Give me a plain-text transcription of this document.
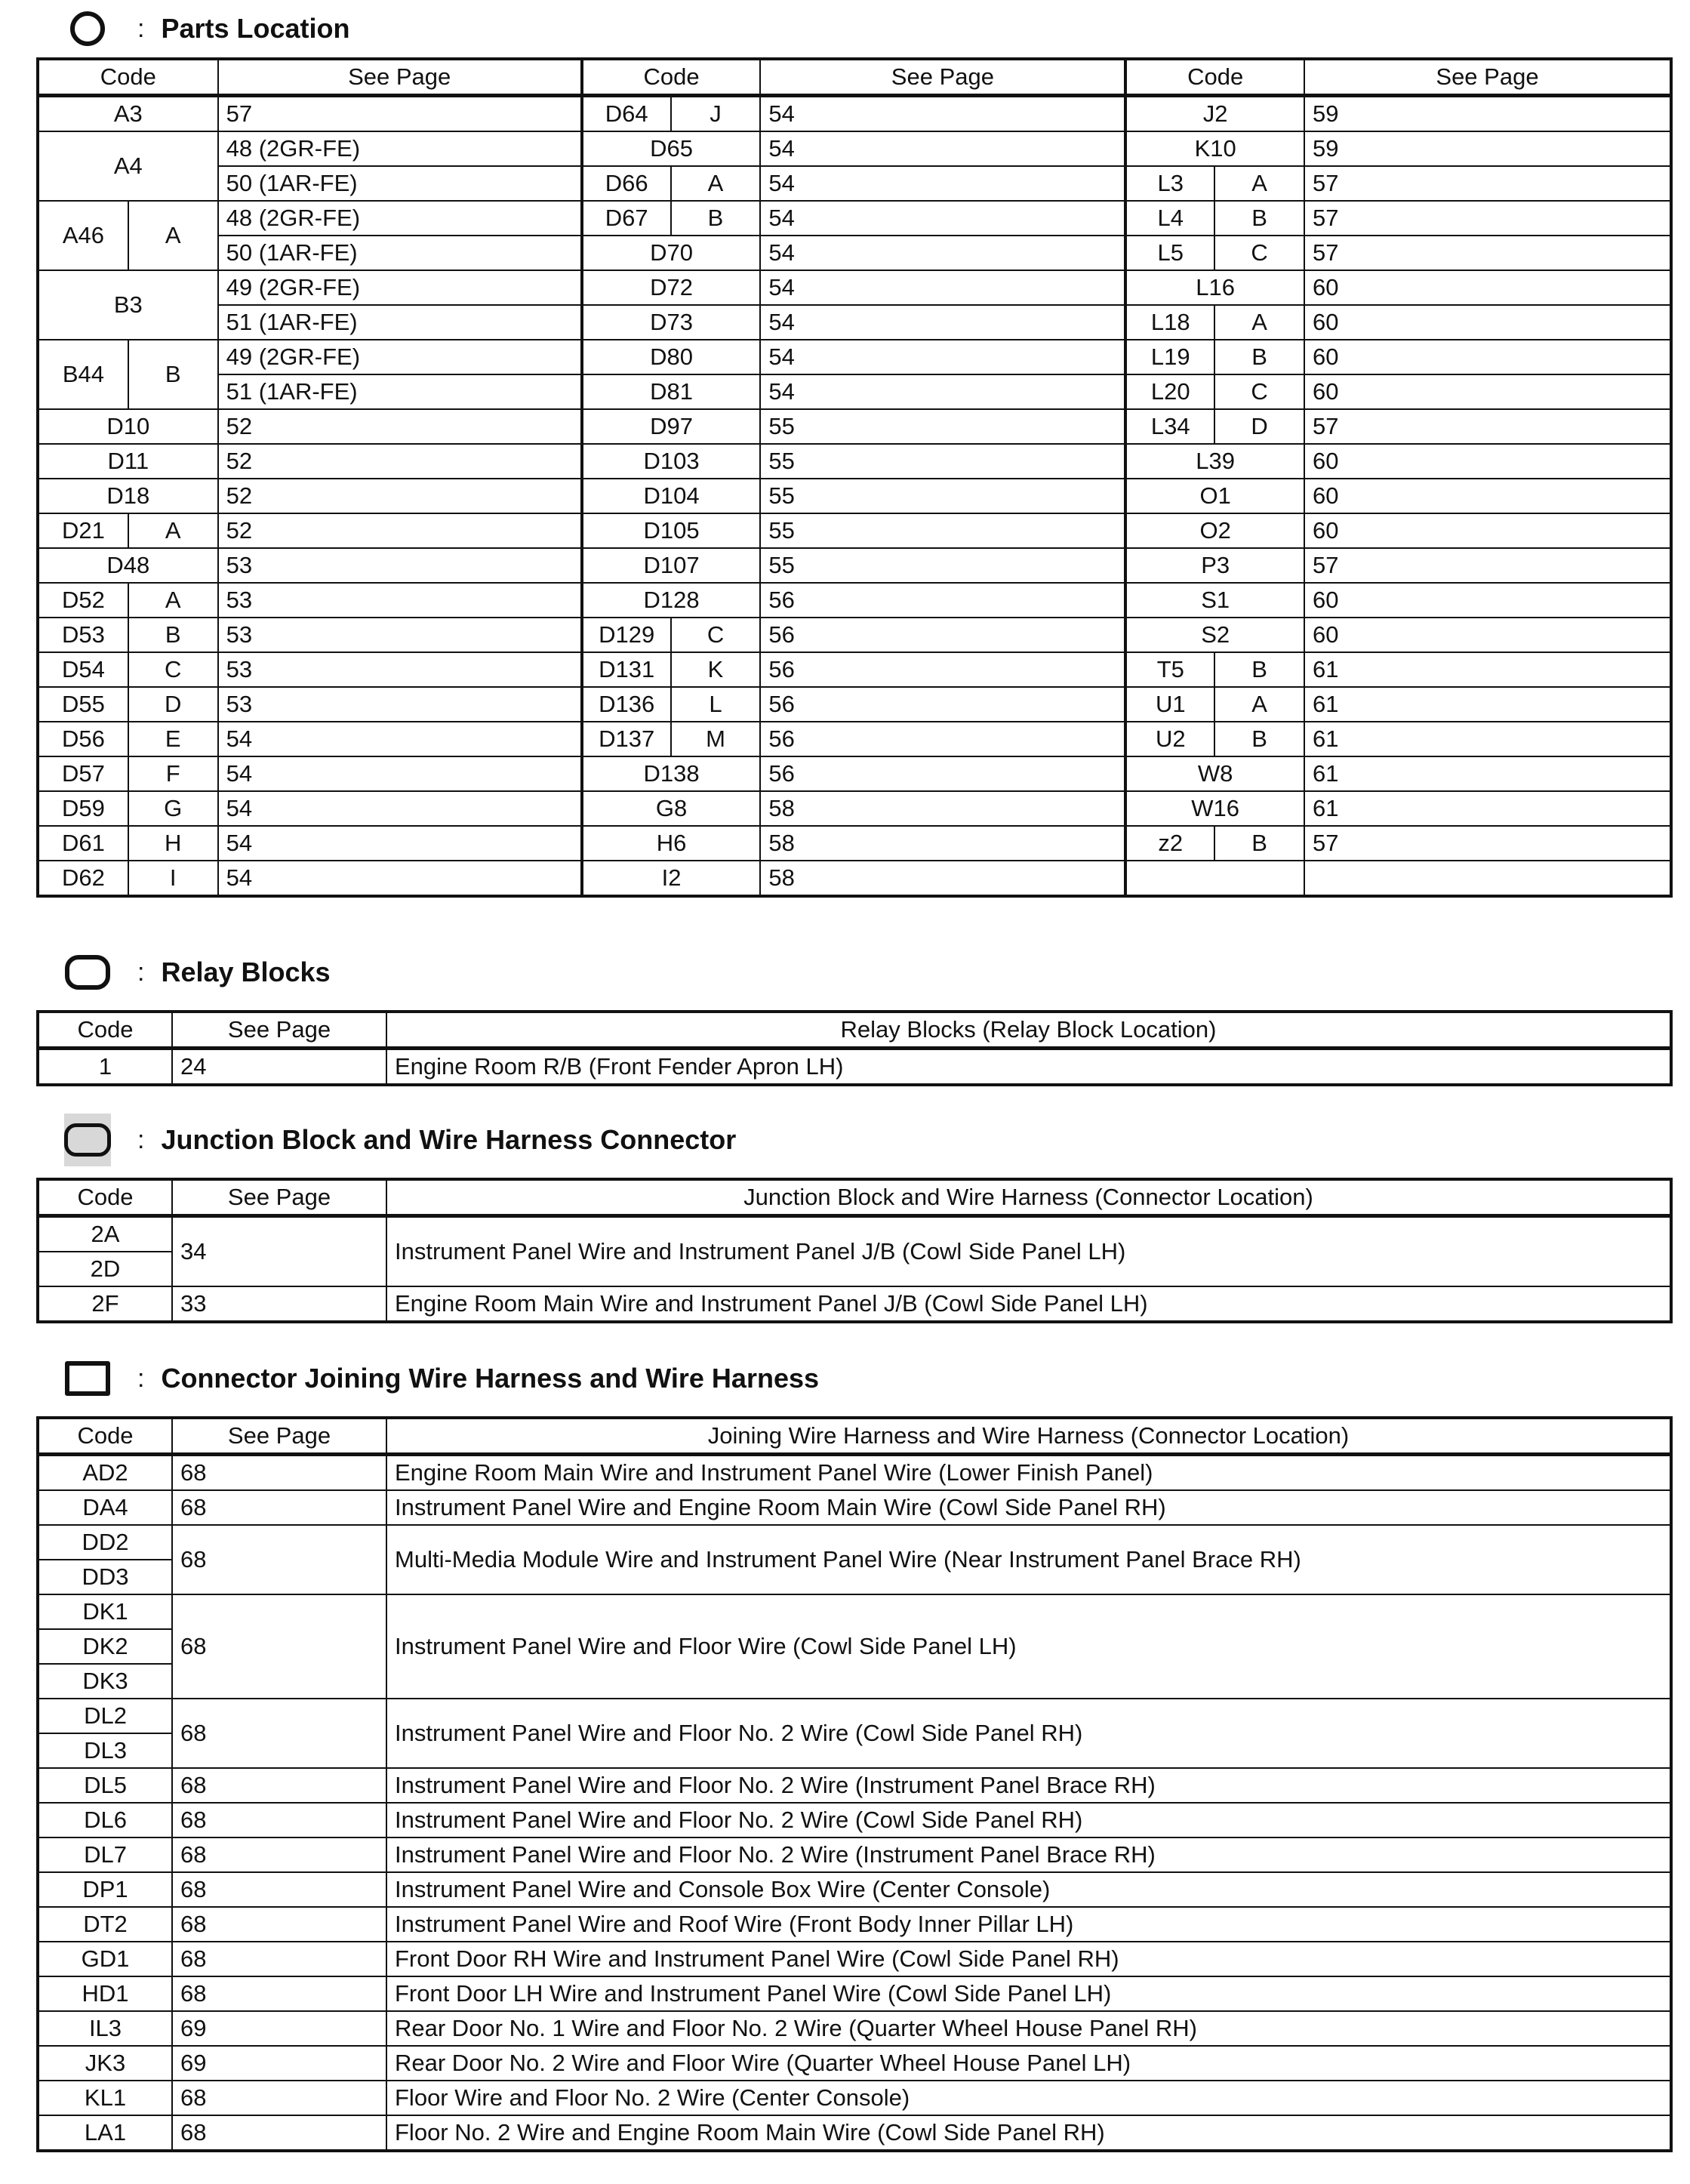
: Parts Location
Code		See Page	Code		See Page	Code		See Page
A3		57	D64	J	54	J2		59
A4		48 (2GR-FE)	D65		54	K10		59
		50 (1AR-FE)	D66	A	54	L3	A	57
A46	A	48 (2GR-FE)	D67	B	54	L4	B	57
		50 (1AR-FE)	D70		54	L5	C	57
B3		49 (2GR-FE)	D72		54	L16		60
		51 (1AR-FE)	D73		54	L18	A	60
B44	B	49 (2GR-FE)	D80		54	L19	B	60
		51 (1AR-FE)	D81		54	L20	C	60
D10		52	D97		55	L34	D	57
D11		52	D103		55	L39		60
D18		52	D104		55	O1		60
D21	A	52	D105		55	O2		60
D48		53	D107		55	P3		57
D52	A	53	D128		56	S1		60
D53	B	53	D129	C	56	S2		60
D54	C	53	D131	K	56	T5	B	61
D55	D	53	D136	L	56	U1	A	61
D56	E	54	D137	M	56	U2	B	61
D57	F	54	D138		56	W8		61
D59	G	54	G8		58	W16		61
D61	H	54	H6		58	z2	B	57
D62	I	54	I2		58			
: Relay Blocks
Code	See Page	Relay Blocks (Relay Block Location)
1	24	Engine Room R/B (Front Fender Apron LH)
: Junction Block and Wire Harness Connector
Code	See Page	Junction Block and Wire Harness (Connector Location)
2A	34	Instrument Panel Wire and Instrument Panel J/B (Cowl Side Panel LH)
2D		
2F	33	Engine Room Main Wire and Instrument Panel J/B (Cowl Side Panel LH)
: Connector Joining Wire Harness and Wire Harness
Code	See Page	Joining Wire Harness and Wire Harness (Connector Location)
AD2	68	Engine Room Main Wire and Instrument Panel Wire (Lower Finish Panel)
DA4	68	Instrument Panel Wire and Engine Room Main Wire (Cowl Side Panel RH)
DD2	68	Multi-Media Module Wire and Instrument Panel Wire (Near Instrument Panel Brace RH)
DD3		
DK1	68	Instrument Panel Wire and Floor Wire (Cowl Side Panel LH)
DK2		
DK3		
DL2	68	Instrument Panel Wire and Floor No. 2 Wire (Cowl Side Panel RH)
DL3		
DL5	68	Instrument Panel Wire and Floor No. 2 Wire (Instrument Panel Brace RH)
DL6	68	Instrument Panel Wire and Floor No. 2 Wire (Cowl Side Panel RH)
DL7	68	Instrument Panel Wire and Floor No. 2 Wire (Instrument Panel Brace RH)
DP1	68	Instrument Panel Wire and Console Box Wire (Center Console)
DT2	68	Instrument Panel Wire and Roof Wire (Front Body Inner Pillar LH)
GD1	68	Front Door RH Wire and Instrument Panel Wire (Cowl Side Panel RH)
HD1	68	Front Door LH Wire and Instrument Panel Wire (Cowl Side Panel LH)
IL3	69	Rear Door No. 1 Wire and Floor No. 2 Wire (Quarter Wheel House Panel RH)
JK3	69	Rear Door No. 2 Wire and Floor Wire (Quarter Wheel House Panel LH)
KL1	68	Floor Wire and Floor No. 2 Wire (Center Console)
LA1	68	Floor No. 2 Wire and Engine Room Main Wire (Cowl Side Panel RH)
